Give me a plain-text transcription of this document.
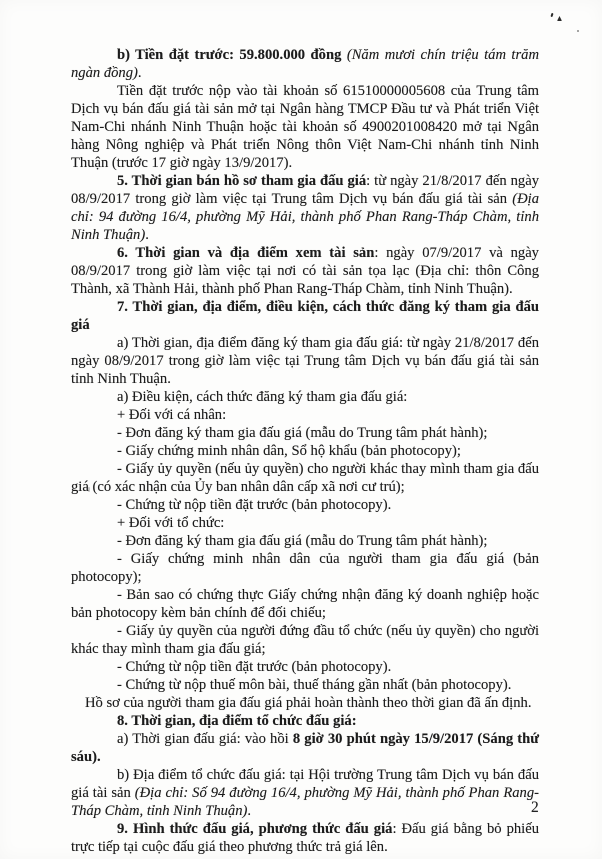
b) Tiền đặt trước: 59.800.000 đồng (Năm mươi chín triệu tám trăm ngàn đồng).

Tiền đặt trước nộp vào tài khoản số 61510000005608 của Trung tâm Dịch vụ bán đấu giá tài sản mở tại Ngân hàng TMCP Đầu tư và Phát triển Việt Nam-Chi nhánh Ninh Thuận hoặc tài khoản số 4900201008420 mở tại Ngân hàng Nông nghiệp và Phát triển Nông thôn Việt Nam-Chi nhánh tỉnh Ninh Thuận (trước 17 giờ ngày 13/9/2017).

5. Thời gian bán hồ sơ tham gia đấu giá: từ ngày 21/8/2017 đến ngày 08/9/2017 trong giờ làm việc tại Trung tâm Dịch vụ bán đấu giá tài sản (Địa chỉ: 94 đường 16/4, phường Mỹ Hải, thành phố Phan Rang-Tháp Chàm, tỉnh Ninh Thuận).

6. Thời gian và địa điểm xem tài sản: ngày 07/9/2017 và ngày 08/9/2017 trong giờ làm việc tại nơi có tài sản tọa lạc (Địa chỉ: thôn Công Thành, xã Thành Hải, thành phố Phan Rang-Tháp Chàm, tỉnh Ninh Thuận).

7. Thời gian, địa điểm, điều kiện, cách thức đăng ký tham gia đấu giá

a) Thời gian, địa điểm đăng ký tham gia đấu giá: từ ngày 21/8/2017 đến ngày 08/9/2017 trong giờ làm việc tại Trung tâm Dịch vụ bán đấu giá tài sản tỉnh Ninh Thuận.

a) Điều kiện, cách thức đăng ký tham gia đấu giá:

+ Đối với cá nhân:

- Đơn đăng ký tham gia đấu giá (mẫu do Trung tâm phát hành);

- Giấy chứng minh nhân dân, Sổ hộ khẩu (bản photocopy);

- Giấy ủy quyền (nếu ủy quyền) cho người khác thay mình tham gia đấu giá (có xác nhận của Ủy ban nhân dân cấp xã nơi cư trú);

- Chứng từ nộp tiền đặt trước (bản photocopy).

+ Đối với tổ chức:

- Đơn đăng ký tham gia đấu giá (mẫu do Trung tâm phát hành);

- Giấy chứng minh nhân dân của người tham gia đấu giá (bản photocopy);

- Bản sao có chứng thực Giấy chứng nhận đăng ký doanh nghiệp hoặc bản photocopy kèm bản chính để đối chiếu;

- Giấy ủy quyền của người đứng đầu tổ chức (nếu ủy quyền) cho người khác thay mình tham gia đấu giá;

- Chứng từ nộp tiền đặt trước (bản photocopy).

- Chứng từ nộp thuế môn bài, thuế tháng gần nhất (bản photocopy).

Hồ sơ của người tham gia đấu giá phải hoàn thành theo thời gian đã ấn định.

8. Thời gian, địa điểm tổ chức đấu giá:

a) Thời gian đấu giá: vào hồi 8 giờ 30 phút ngày 15/9/2017 (Sáng thứ sáu).

b) Địa điểm tổ chức đấu giá: tại Hội trường Trung tâm Dịch vụ bán đấu giá tài sản (Địa chỉ: Số 94 đường 16/4, phường Mỹ Hải, thành phố Phan Rang-Tháp Chàm, tỉnh Ninh Thuận).

9. Hình thức đấu giá, phương thức đấu giá: Đấu giá bằng bỏ phiếu trực tiếp tại cuộc đấu giá theo phương thức trả giá lên.

2
